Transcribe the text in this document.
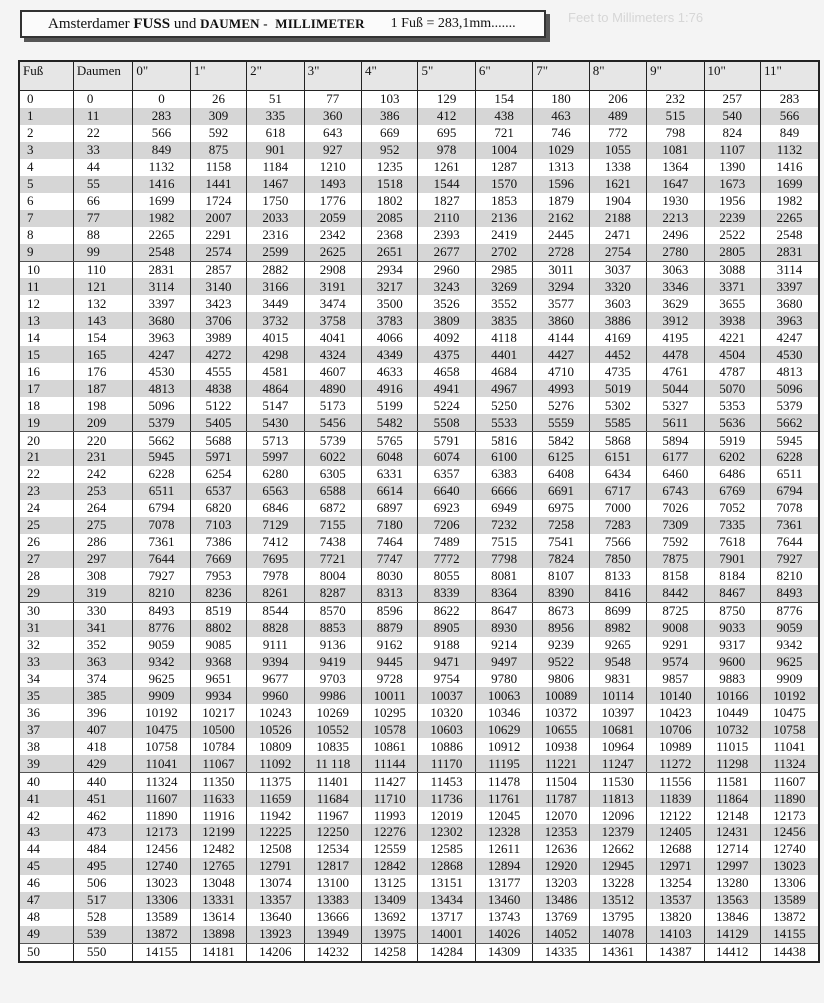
Amsterdamer
FUSS
und
DAUMEN -
MILLIMETER 1 Fuß = 283,1mm.......	Feet to Millimeters 1:76
Fuß	Daumen	0"	1"	2"	3"	4"	5"	6"	7"	8"	9"	10"	11"
0	0	0	26	51	77	103	129	154	180	206	232	257	283
1	11	283	309	335	360	386	412	438	463	489	515	540	566
2	22	566	592	618	643	669	695	721	746	772	798	824	849
3	33	849	875	901	927	952	978	1004	1029	1055	1081	1107	1132
4	44	1132	1158	1184	1210	1235	1261	1287	1313	1338	1364	1390	1416
5	55	1416	1441	1467	1493	1518	1544	1570	1596	1621	1647	1673	1699
6	66	1699	1724	1750	1776	1802	1827	1853	1879	1904	1930	1956	1982
7	77	1982	2007	2033	2059	2085	2110	2136	2162	2188	2213	2239	2265
8	88	2265	2291	2316	2342	2368	2393	2419	2445	2471	2496	2522	2548
9	99	2548	2574	2599	2625	2651	2677	2702	2728	2754	2780	2805	2831
10	110	2831	2857	2882	2908	2934	2960	2985	3011	3037	3063	3088	3114
11	121	3114	3140	3166	3191	3217	3243	3269	3294	3320	3346	3371	3397
12	132	3397	3423	3449	3474	3500	3526	3552	3577	3603	3629	3655	3680
13	143	3680	3706	3732	3758	3783	3809	3835	3860	3886	3912	3938	3963
14	154	3963	3989	4015	4041	4066	4092	4118	4144	4169	4195	4221	4247
15	165	4247	4272	4298	4324	4349	4375	4401	4427	4452	4478	4504	4530
16	176	4530	4555	4581	4607	4633	4658	4684	4710	4735	4761	4787	4813
17	187	4813	4838	4864	4890	4916	4941	4967	4993	5019	5044	5070	5096
18	198	5096	5122	5147	5173	5199	5224	5250	5276	5302	5327	5353	5379
19	209	5379	5405	5430	5456	5482	5508	5533	5559	5585	5611	5636	5662
20	220	5662	5688	5713	5739	5765	5791	5816	5842	5868	5894	5919	5945
21	231	5945	5971	5997	6022	6048	6074	6100	6125	6151	6177	6202	6228
22	242	6228	6254	6280	6305	6331	6357	6383	6408	6434	6460	6486	6511
23	253	6511	6537	6563	6588	6614	6640	6666	6691	6717	6743	6769	6794
24	264	6794	6820	6846	6872	6897	6923	6949	6975	7000	7026	7052	7078
25	275	7078	7103	7129	7155	7180	7206	7232	7258	7283	7309	7335	7361
26	286	7361	7386	7412	7438	7464	7489	7515	7541	7566	7592	7618	7644
27	297	7644	7669	7695	7721	7747	7772	7798	7824	7850	7875	7901	7927
28	308	7927	7953	7978	8004	8030	8055	8081	8107	8133	8158	8184	8210
29	319	8210	8236	8261	8287	8313	8339	8364	8390	8416	8442	8467	8493
30	330	8493	8519	8544	8570	8596	8622	8647	8673	8699	8725	8750	8776
31	341	8776	8802	8828	8853	8879	8905	8930	8956	8982	9008	9033	9059
32	352	9059	9085	9111	9136	9162	9188	9214	9239	9265	9291	9317	9342
33	363	9342	9368	9394	9419	9445	9471	9497	9522	9548	9574	9600	9625
34	374	9625	9651	9677	9703	9728	9754	9780	9806	9831	9857	9883	9909
35	385	9909	9934	9960	9986	10011	10037	10063	10089	10114	10140	10166	10192
36	396	10192	10217	10243	10269	10295	10320	10346	10372	10397	10423	10449	10475
37	407	10475	10500	10526	10552	10578	10603	10629	10655	10681	10706	10732	10758
38	418	10758	10784	10809	10835	10861	10886	10912	10938	10964	10989	11015	11041
39	429	11041	11067	11092	11 118	11144	11170	11195	11221	11247	11272	11298	11324
40	440	11324	11350	11375	11401	11427	11453	11478	11504	11530	11556	11581	11607
41	451	11607	11633	11659	11684	11710	11736	11761	11787	11813	11839	11864	11890
42	462	11890	11916	11942	11967	11993	12019	12045	12070	12096	12122	12148	12173
43	473	12173	12199	12225	12250	12276	12302	12328	12353	12379	12405	12431	12456
44	484	12456	12482	12508	12534	12559	12585	12611	12636	12662	12688	12714	12740
45	495	12740	12765	12791	12817	12842	12868	12894	12920	12945	12971	12997	13023
46	506	13023	13048	13074	13100	13125	13151	13177	13203	13228	13254	13280	13306
47	517	13306	13331	13357	13383	13409	13434	13460	13486	13512	13537	13563	13589
48	528	13589	13614	13640	13666	13692	13717	13743	13769	13795	13820	13846	13872
49	539	13872	13898	13923	13949	13975	14001	14026	14052	14078	14103	14129	14155
50	550	14155	14181	14206	14232	14258	14284	14309	14335	14361	14387	14412	14438
